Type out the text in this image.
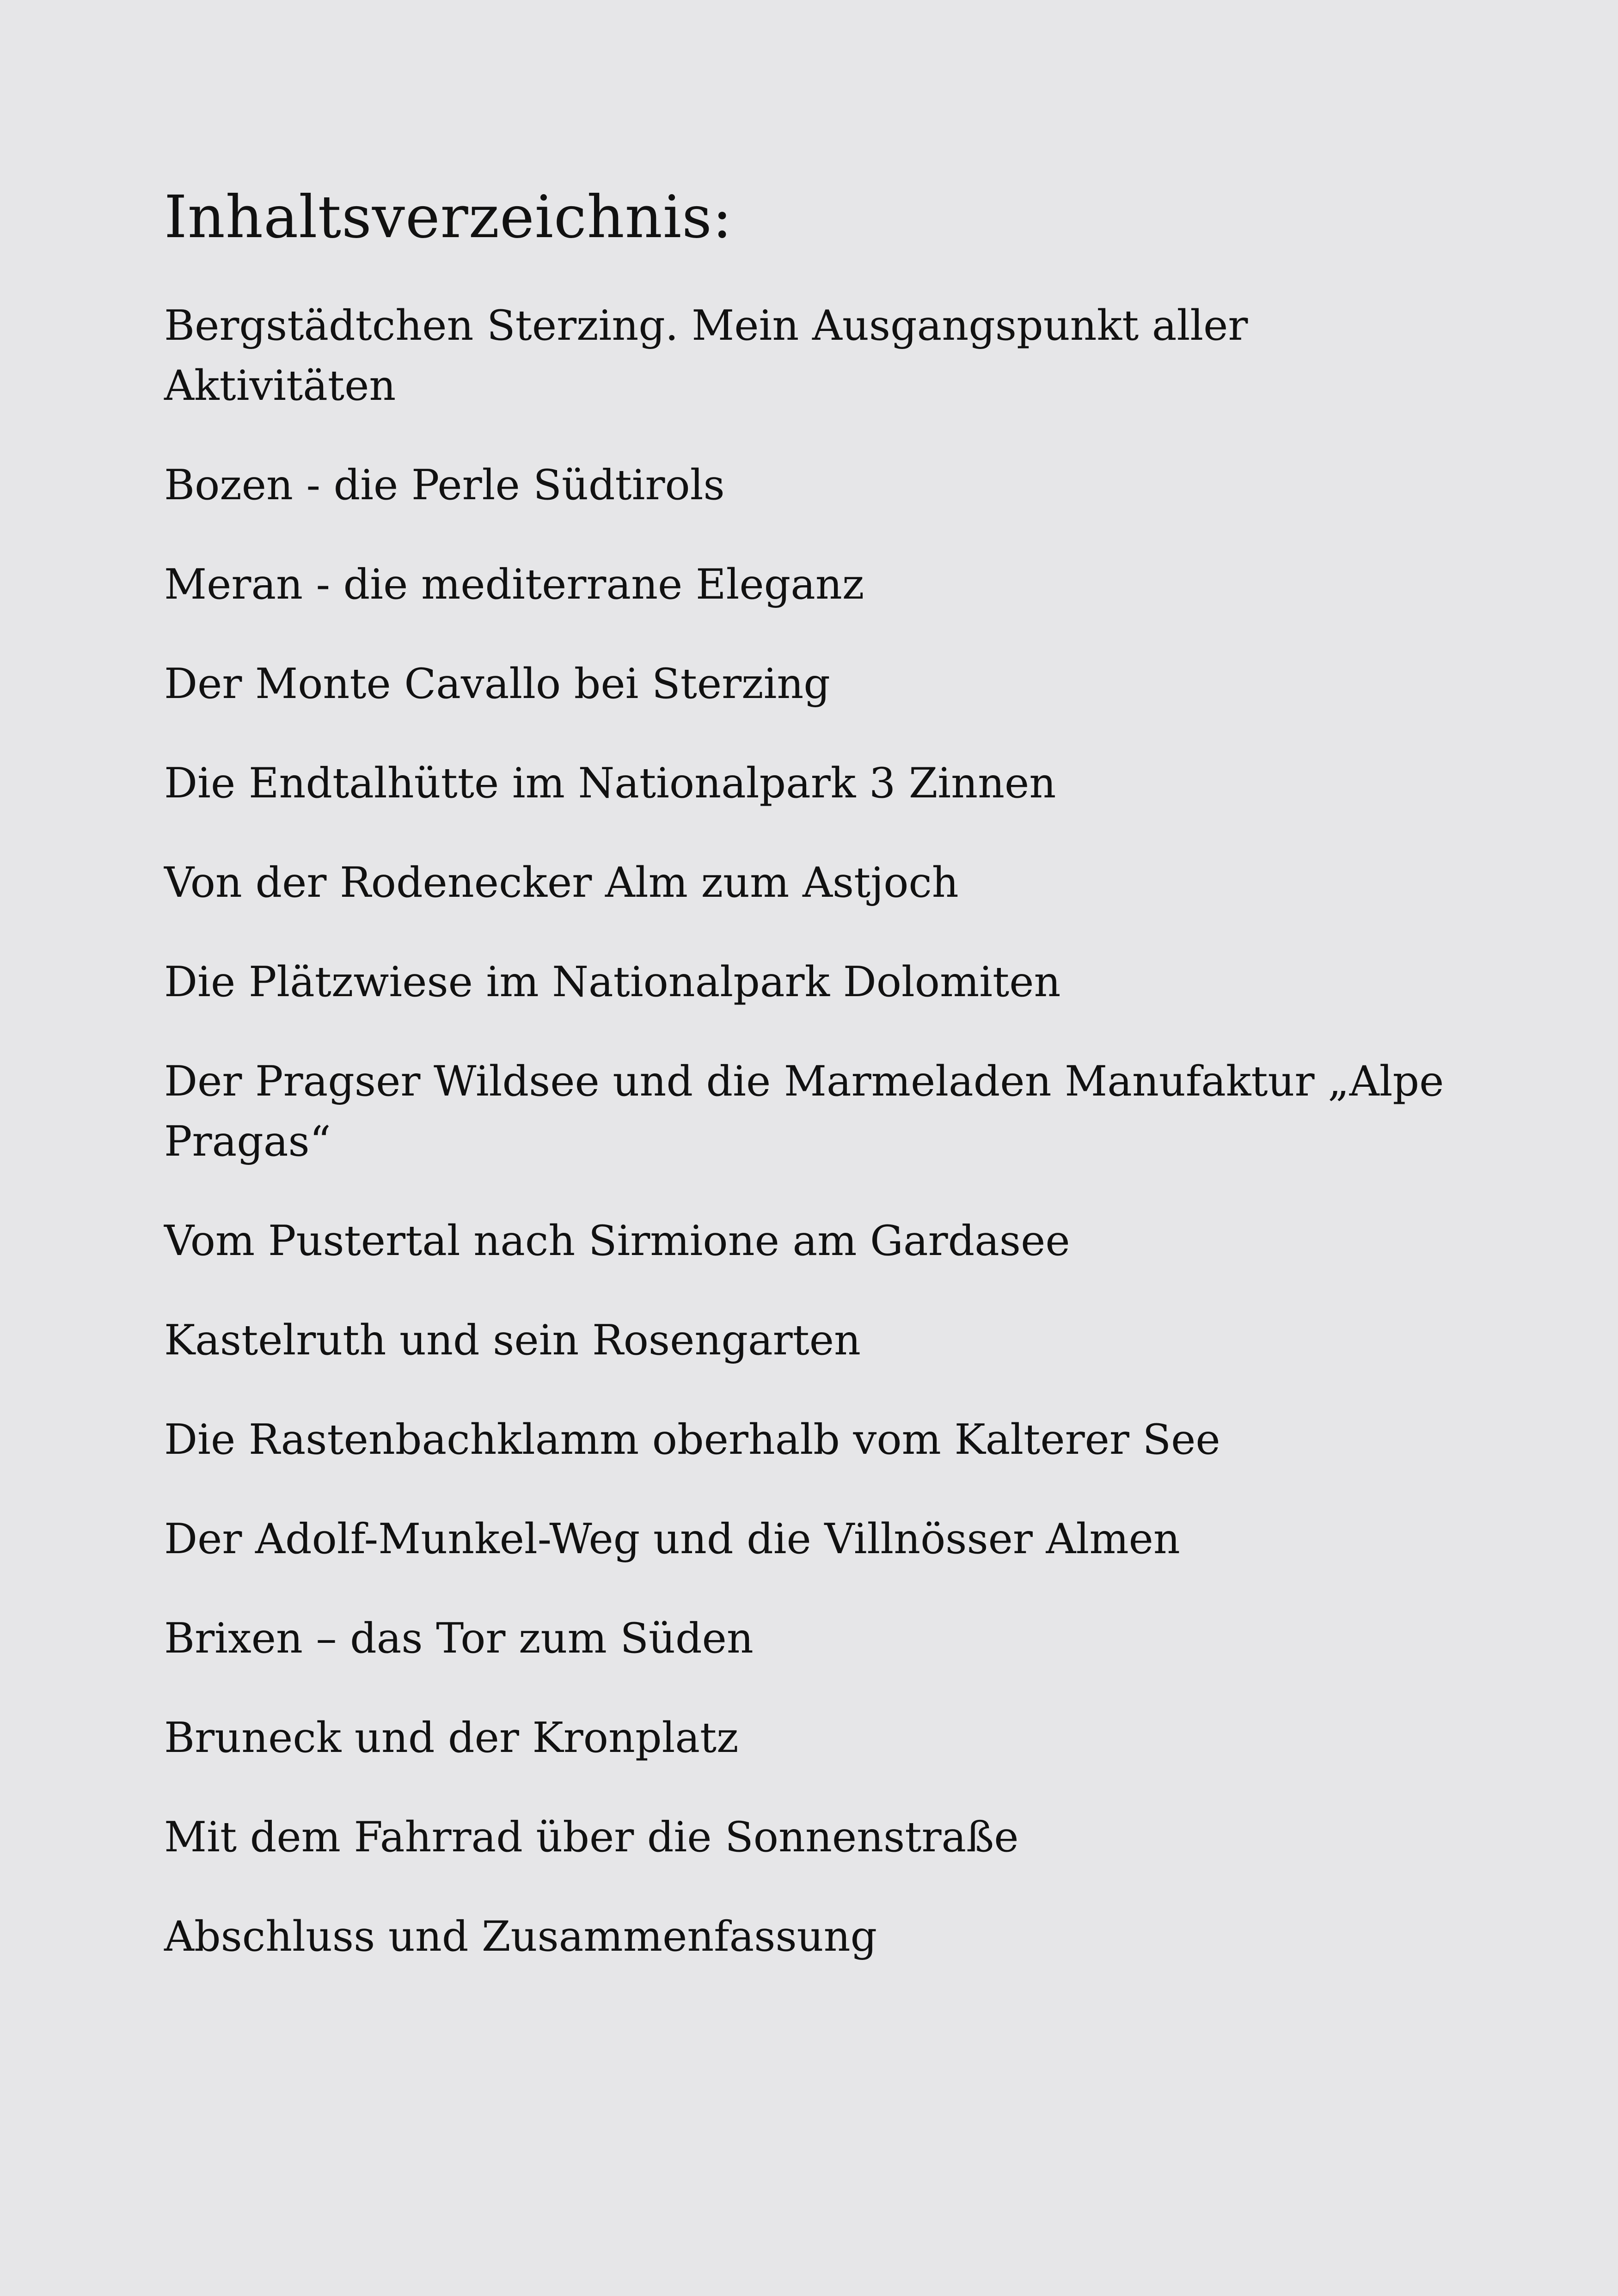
Inhaltsverzeichnis:
Bergstädtchen Sterzing. Mein Ausgangspunkt aller Aktivitäten
Bozen - die Perle Südtirols
Meran - die mediterrane Eleganz
Der Monte Cavallo bei Sterzing
Die Endtalhütte im Nationalpark 3 Zinnen
Von der Rodenecker Alm zum Astjoch
Die Plätzwiese im Nationalpark Dolomiten
Der Pragser Wildsee und die Marmeladen Manufaktur „Alpe Pragas“
Vom Pustertal nach Sirmione am Gardasee
Kastelruth und sein Rosengarten
Die Rastenbachklamm oberhalb vom Kalterer See
Der Adolf-Munkel-Weg und die Villnösser Almen
Brixen – das Tor zum Süden
Bruneck und der Kronplatz
Mit dem Fahrrad über die Sonnenstraße
Abschluss und Zusammenfassung
